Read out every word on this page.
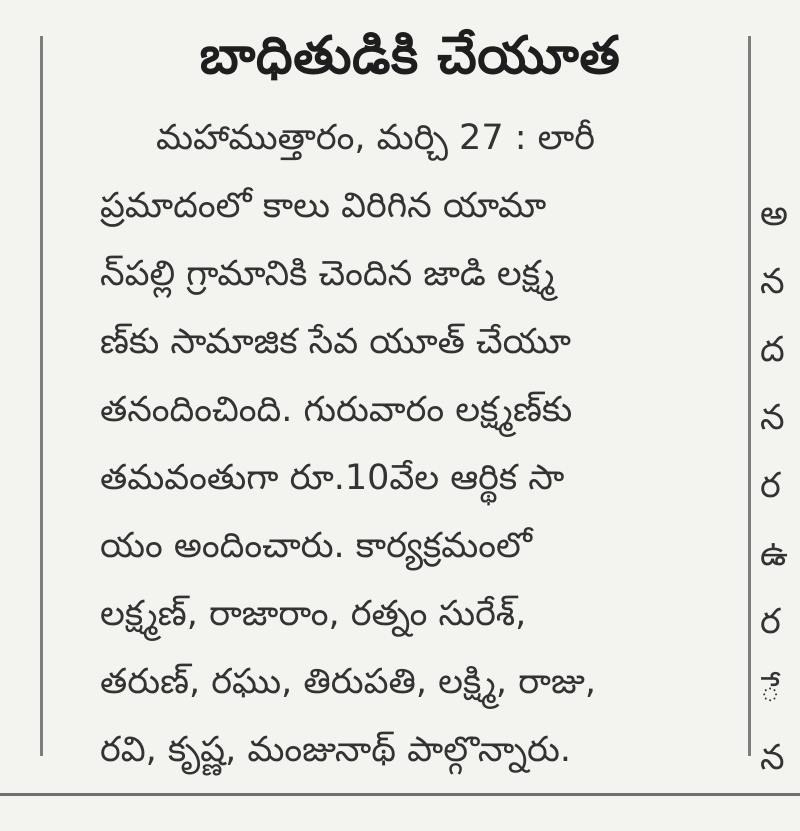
బాధితుడికి చేయూత
మహాముత్తారం, మర్చి 27 : లారీ
ప్రమాదంలో కాలు విరిగిన యామా
న్‌పల్లి గ్రామానికి చెందిన జాడి లక్ష్మ
ణ్‌కు సామాజిక సేవ యూత్ చేయూ
తనందించింది. గురువారం లక్ష్మణ్‌కు
తమవంతుగా రూ.10వేల ఆర్థిక సా
యం అందించారు. కార్యక్రమంలో
లక్ష్మణ్, రాజారాం, రత్నం సురేశ్,
తరుణ్, రఘు, తిరుపతి, లక్ష్మి, రాజు,
రవి, కృష్ణ, మంజునాథ్ పాల్గొన్నారు.
అ
న
ద
న
ర
ఉ
ర
ే
న
